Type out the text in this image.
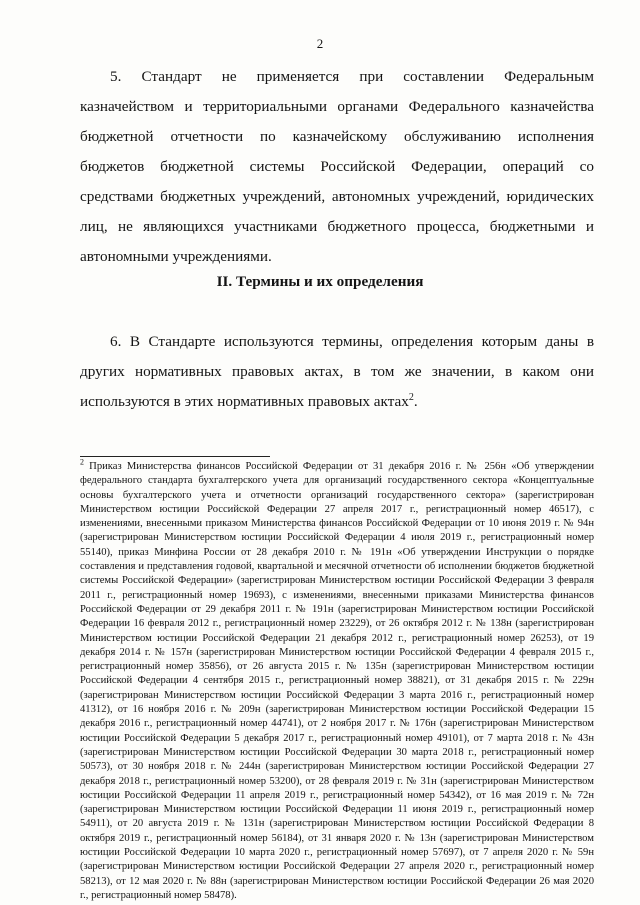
2

5. Стандарт не применяется при составлении Федеральным казначейством и территориальными органами Федерального казначейства бюджетной отчетности по казначейскому обслуживанию исполнения бюджетов бюджетной системы Российской Федерации, операций со средствами бюджетных учреждений, автономных учреждений, юридических лиц, не являющихся участниками бюджетного процесса, бюджетными и автономными учреждениями.

II. Термины и их определения

6. В Стандарте используются термины, определения которым даны в других нормативных правовых актах, в том же значении, в каком они используются в этих нормативных правовых актах$^2$.

$^2$ Приказ Министерства финансов Российской Федерации от 31 декабря 2016 г. № 256н «Об утверждении федерального стандарта бухгалтерского учета для организаций государственного сектора «Концептуальные основы бухгалтерского учета и отчетности организаций государственного сектора» (зарегистрирован Министерством юстиции Российской Федерации 27 апреля 2017 г., регистрационный номер 46517), с изменениями, внесенными приказом Министерства финансов Российской Федерации от 10 июня 2019 г. № 94н (зарегистрирован Министерством юстиции Российской Федерации 4 июля 2019 г., регистрационный номер 55140), приказ Минфина России от 28 декабря 2010 г. № 191н «Об утверждении Инструкции о порядке составления и представления годовой, квартальной и месячной отчетности об исполнении бюджетов бюджетной системы Российской Федерации» (зарегистрирован Министерством юстиции Российской Федерации 3 февраля 2011 г., регистрационный номер 19693), с изменениями, внесенными приказами Министерства финансов Российской Федерации от 29 декабря 2011 г. № 191н (зарегистрирован Министерством юстиции Российской Федерации 16 февраля 2012 г., регистрационный номер 23229), от 26 октября 2012 г. № 138н (зарегистрирован Министерством юстиции Российской Федерации 21 декабря 2012 г., регистрационный номер 26253), от 19 декабря 2014 г. № 157н (зарегистрирован Министерством юстиции Российской Федерации 4 февраля 2015 г., регистрационный номер 35856), от 26 августа 2015 г. № 135н (зарегистрирован Министерством юстиции Российской Федерации 4 сентября 2015 г., регистрационный номер 38821), от 31 декабря 2015 г. № 229н (зарегистрирован Министерством юстиции Российской Федерации 3 марта 2016 г., регистрационный номер 41312), от 16 ноября 2016 г. № 209н (зарегистрирован Министерством юстиции Российской Федерации 15 декабря 2016 г., регистрационный номер 44741), от 2 ноября 2017 г. № 176н (зарегистрирован Министерством юстиции Российской Федерации 5 декабря 2017 г., регистрационный номер 49101), от 7 марта 2018 г. № 43н (зарегистрирован Министерством юстиции Российской Федерации 30 марта 2018 г., регистрационный номер 50573), от 30 ноября 2018 г. № 244н (зарегистрирован Министерством юстиции Российской Федерации 27 декабря 2018 г., регистрационный номер 53200), от 28 февраля 2019 г. № 31н (зарегистрирован Министерством юстиции Российской Федерации 11 апреля 2019 г., регистрационный номер 54342), от 16 мая 2019 г. № 72н (зарегистрирован Министерством юстиции Российской Федерации 11 июня 2019 г., регистрационный номер 54911), от 20 августа 2019 г. № 131н (зарегистрирован Министерством юстиции Российской Федерации 8 октября 2019 г., регистрационный номер 56184), от 31 января 2020 г. № 13н (зарегистрирован Министерством юстиции Российской Федерации 10 марта 2020 г., регистрационный номер 57697), от 7 апреля 2020 г. № 59н (зарегистрирован Министерством юстиции Российской Федерации 27 апреля 2020 г., регистрационный номер 58213), от 12 мая 2020 г. № 88н (зарегистрирован Министерством юстиции Российской Федерации 26 мая 2020 г., регистрационный номер 58478).
